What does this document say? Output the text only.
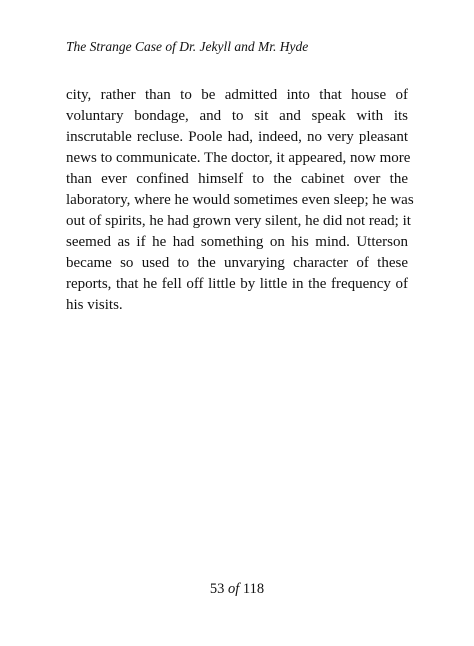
The Strange Case of Dr. Jekyll and Mr. Hyde
city, rather than to be admitted into that house of
voluntary bondage, and to sit and speak with its
inscrutable recluse. Poole had, indeed, no very pleasant
news to communicate. The doctor, it appeared, now more
than ever confined himself to the cabinet over the
laboratory, where he would sometimes even sleep; he was
out of spirits, he had grown very silent, he did not read; it
seemed as if he had something on his mind. Utterson
became so used to the unvarying character of these
reports, that he fell off little by little in the frequency of
his visits.
53 of 118
